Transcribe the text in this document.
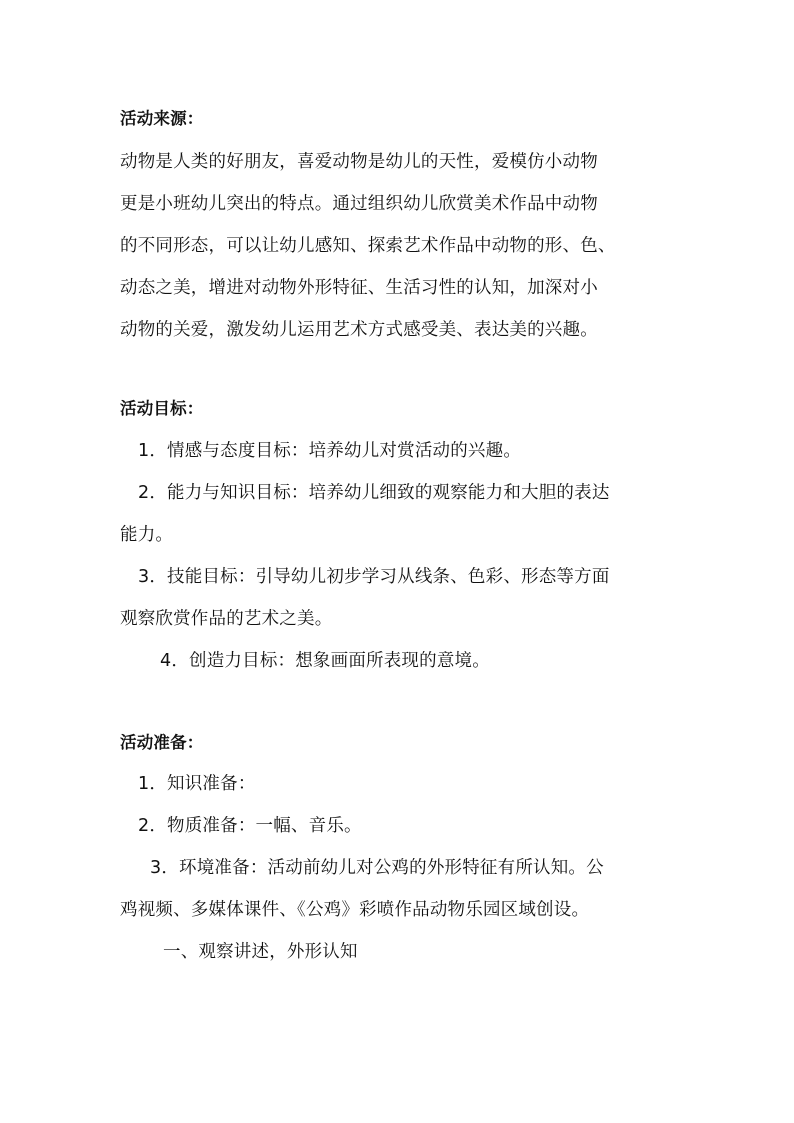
活动来源：
动物是人类的好朋友，喜爱动物是幼儿的天性，爱模仿小动物
更是小班幼儿突出的特点。通过组织幼儿欣赏美术作品中动物
的不同形态，可以让幼儿感知、探索艺术作品中动物的形、色、
动态之美，增进对动物外形特征、生活习性的认知，加深对小
动物的关爱，激发幼儿运用艺术方式感受美、表达美的兴趣。
活动目标：
1．情感与态度目标：培养幼儿对赏活动的兴趣。
2．能力与知识目标：培养幼儿细致的观察能力和大胆的表达
能力。
3．技能目标：引导幼儿初步学习从线条、色彩、形态等方面
观察欣赏作品的艺术之美。
4．创造力目标：想象画面所表现的意境。
活动准备：
1．知识准备：
2．物质准备：一幅、音乐。
3．环境准备：活动前幼儿对公鸡的外形特征有所认知。公
鸡视频、多媒体课件、《公鸡》彩喷作品动物乐园区域创设。
一、观察讲述，外形认知
